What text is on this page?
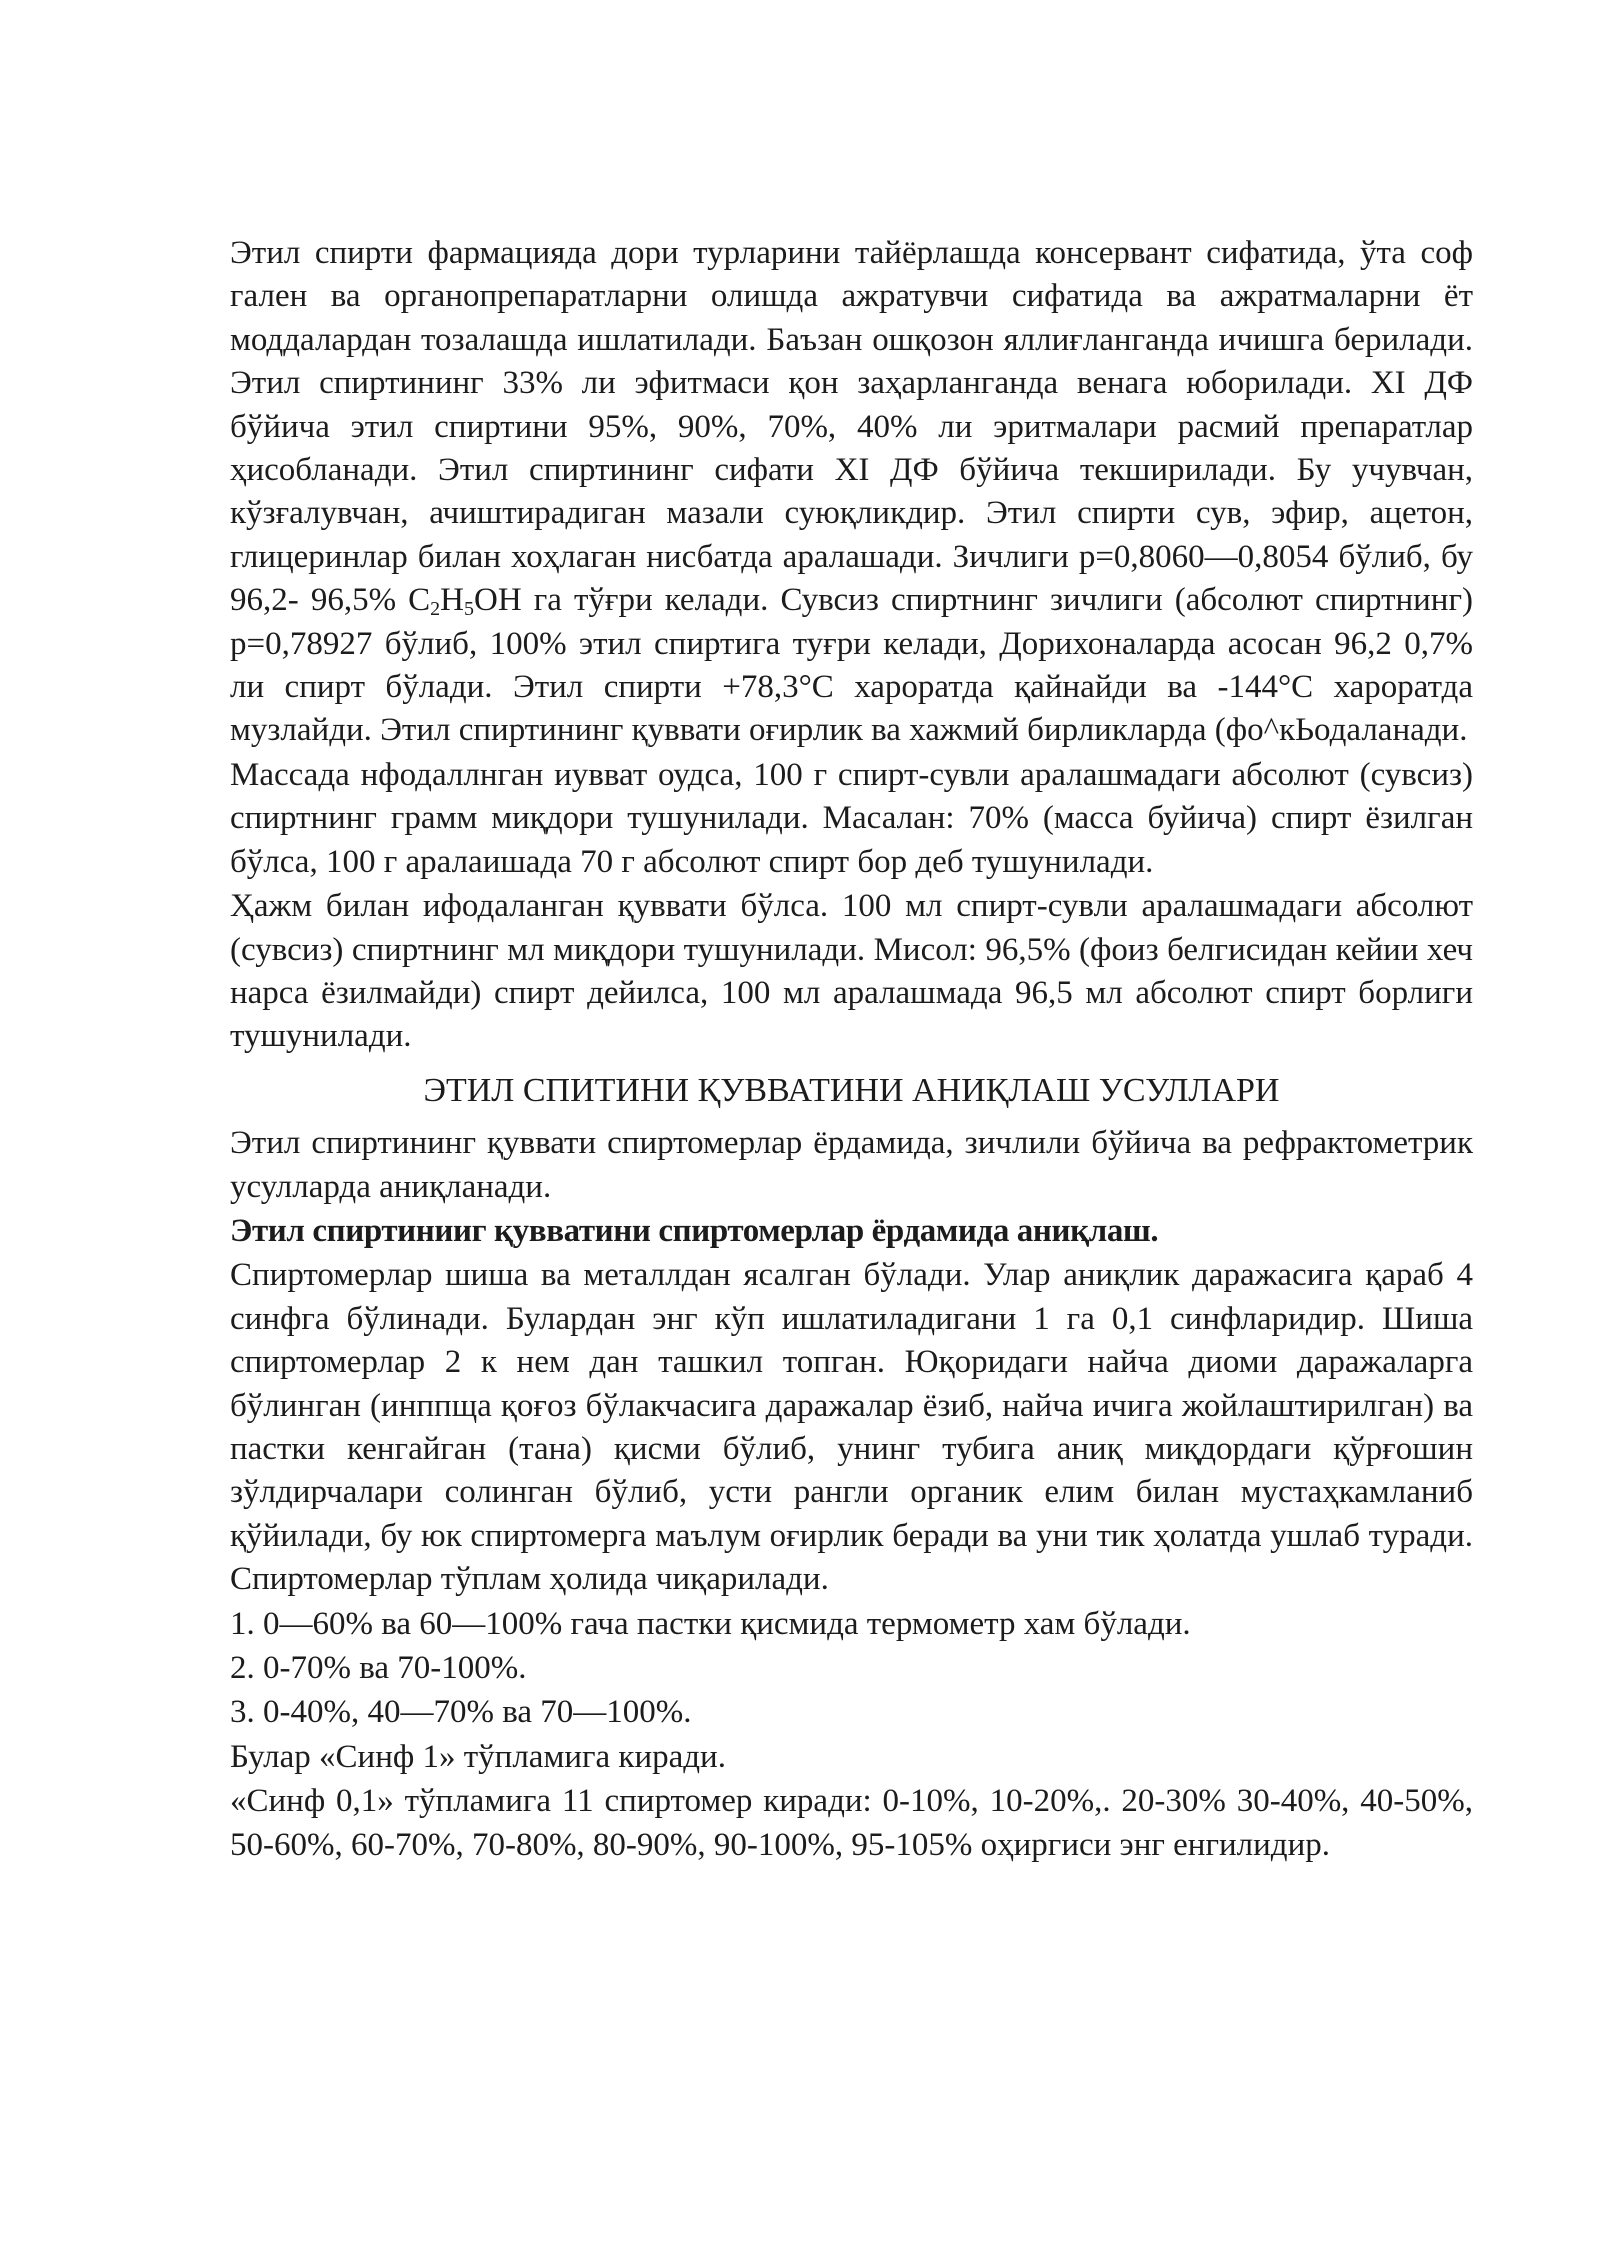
Этил спирти фармацияда дори турларини тайёрлашда консервант сифатида, ўта соф гален ва органопрепаратларни олишда ажратувчи сифатида ва ажратмаларни ёт моддалардан тозалашда ишлатилади. Баъзан ошқозон яллиғланганда ичишга берилади. Этил спиртининг 33% ли эфитмаси қон заҳарланганда венага юборилади. XI ДФ бўйича этил спиртини 95%, 90%, 70%, 40% ли эритмалари расмий препаратлар ҳисобланади. Этил спиртининг сифати XI ДФ бўйича текширилади. Бу учувчан, кўзғалувчан, ачиштирадиган мазали суюқликдир. Этил спирти сув, эфир, ацетон, глицеринлар билан хоҳлаган нисбатда аралашади. Зичлиги р=0,8060—0,8054 бўлиб, бу 96,2- 96,5% $C_2H_5OH$ га тўғри келади. Сувсиз спиртнинг зичлиги (абсолют спиртнинг) р=0,78927 бўлиб, 100% этил спиртига туғри келади, Дорихоналарда асосан 96,2 0,7% ли спирт бўлади. Этил спирти +78,3°С хароратда қайнайди ва -144°С хароратда музлайди. Этил спиртининг қуввати оғирлик ва хажмий бирликларда (фо^кЬодаланади.

Массада нфодаллнган иувват оудса, 100 г спирт-сувли аралашмадаги абсолют (сувсиз) спиртнинг грамм миқдори тушунилади. Масалан: 70% (масса буйича) спирт ёзилган бўлса, 100 г аралаишада 70 г абсолют спирт бор деб тушунилади.

Ҳажм билан ифодаланган қуввати бўлса. 100 мл спирт-сувли аралашмадаги абсолют (сувсиз) спиртнинг мл миқдори тушунилади. Мисол: 96,5% (фоиз белгисидан кейии хеч нарса ёзилмайди) спирт дейилса, 100 мл аралашмада 96,5 мл абсолют спирт борлиги тушунилади.

ЭТИЛ СПИТИНИ ҚУВВАТИНИ АНИҚЛАШ УСУЛЛАРИ

Этил спиртининг қуввати спиртомерлар ёрдамида, зичлили бўйича ва рефрактометрик усулларда аниқланади.

Этил спиртинииг қувватини спиртомерлар ёрдамида аниқлаш.

Спиртомерлар шиша ва металлдан ясалган бўлади. Улар аниқлик даражасига қараб 4 синфга бўлинади. Булардан энг кўп ишлатиладигани 1 га 0,1 синфларидир. Шиша спиртомерлар 2 к нем дан ташкил топган. Юқоридаги найча диоми даражаларга бўлинган (инппща қоғоз бўлакчасига даражалар ёзиб, найча ичига жойлаштирилган) ва пастки кенгайган (тана) қисми бўлиб, унинг тубига аниқ миқдордаги қўрғошин зўлдирчалари солинган бўлиб, усти рангли органик елим билан мустаҳкамланиб қўйилади, бу юк спиртомерга маълум оғирлик беради ва уни тик ҳолатда ушлаб туради. Спиртомерлар тўплам ҳолида чиқарилади.

1. 0—60% ва 60—100% гача пастки қисмида термометр хам бўлади.

2. 0-70% ва 70-100%.

3. 0-40%, 40—70% ва 70—100%.

Булар «Синф 1» тўпламига киради.

«Синф 0,1» тўпламига 11 спиртомер киради: 0-10%, 10-20%,. 20-30% 30-40%, 40-50%, 50-60%, 60-70%, 70-80%, 80-90%, 90-100%, 95-105% оҳиргиси энг енгилидир.
